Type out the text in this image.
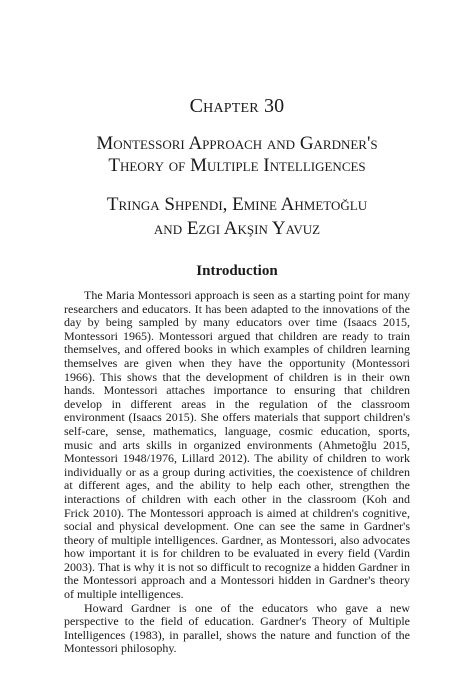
Chapter 30
Montessori Approach and Gardner's
Theory of Multiple Intelligences
Tringa Shpendi, Emine Ahmetoğlu
and Ezgi Akşin Yavuz
Introduction

The Maria Montessori approach is seen as a starting point for many researchers and educators. It has been adapted to the innovations of the day by being sampled by many educators over time (Isaacs 2015, Montessori 1965). Montessori argued that children are ready to train themselves, and offered books in which examples of children learning themselves are given when they have the opportunity (Montessori 1966). This shows that the development of children is in their own hands. Montessori attaches importance to ensuring that children develop in different areas in the regulation of the classroom environment (Isaacs 2015). She offers materials that support children's self-care, sense, mathematics, language, cosmic education, sports, music and arts skills in organized environments (Ahmetoğlu 2015, Montessori 1948/1976, Lillard 2012). The ability of children to work individually or as a group during activities, the coexistence of children at different ages, and the ability to help each other, strengthen the interactions of children with each other in the classroom (Koh and Frick 2010). The Montessori approach is aimed at children's cognitive, social and physical development. One can see the same in Gardner's theory of multiple intelligences. Gardner, as Montessori, also advocates how important it is for children to be evaluated in every field (Vardin 2003). That is why it is not so difficult to recognize a hidden Gardner in the Montessori approach and a Montessori hidden in Gardner's theory of multiple intelligences.

Howard Gardner is one of the educators who gave a new perspective to the field of education. Gardner's Theory of Multiple Intelligences (1983), in parallel, shows the nature and function of the Montessori philosophy.
